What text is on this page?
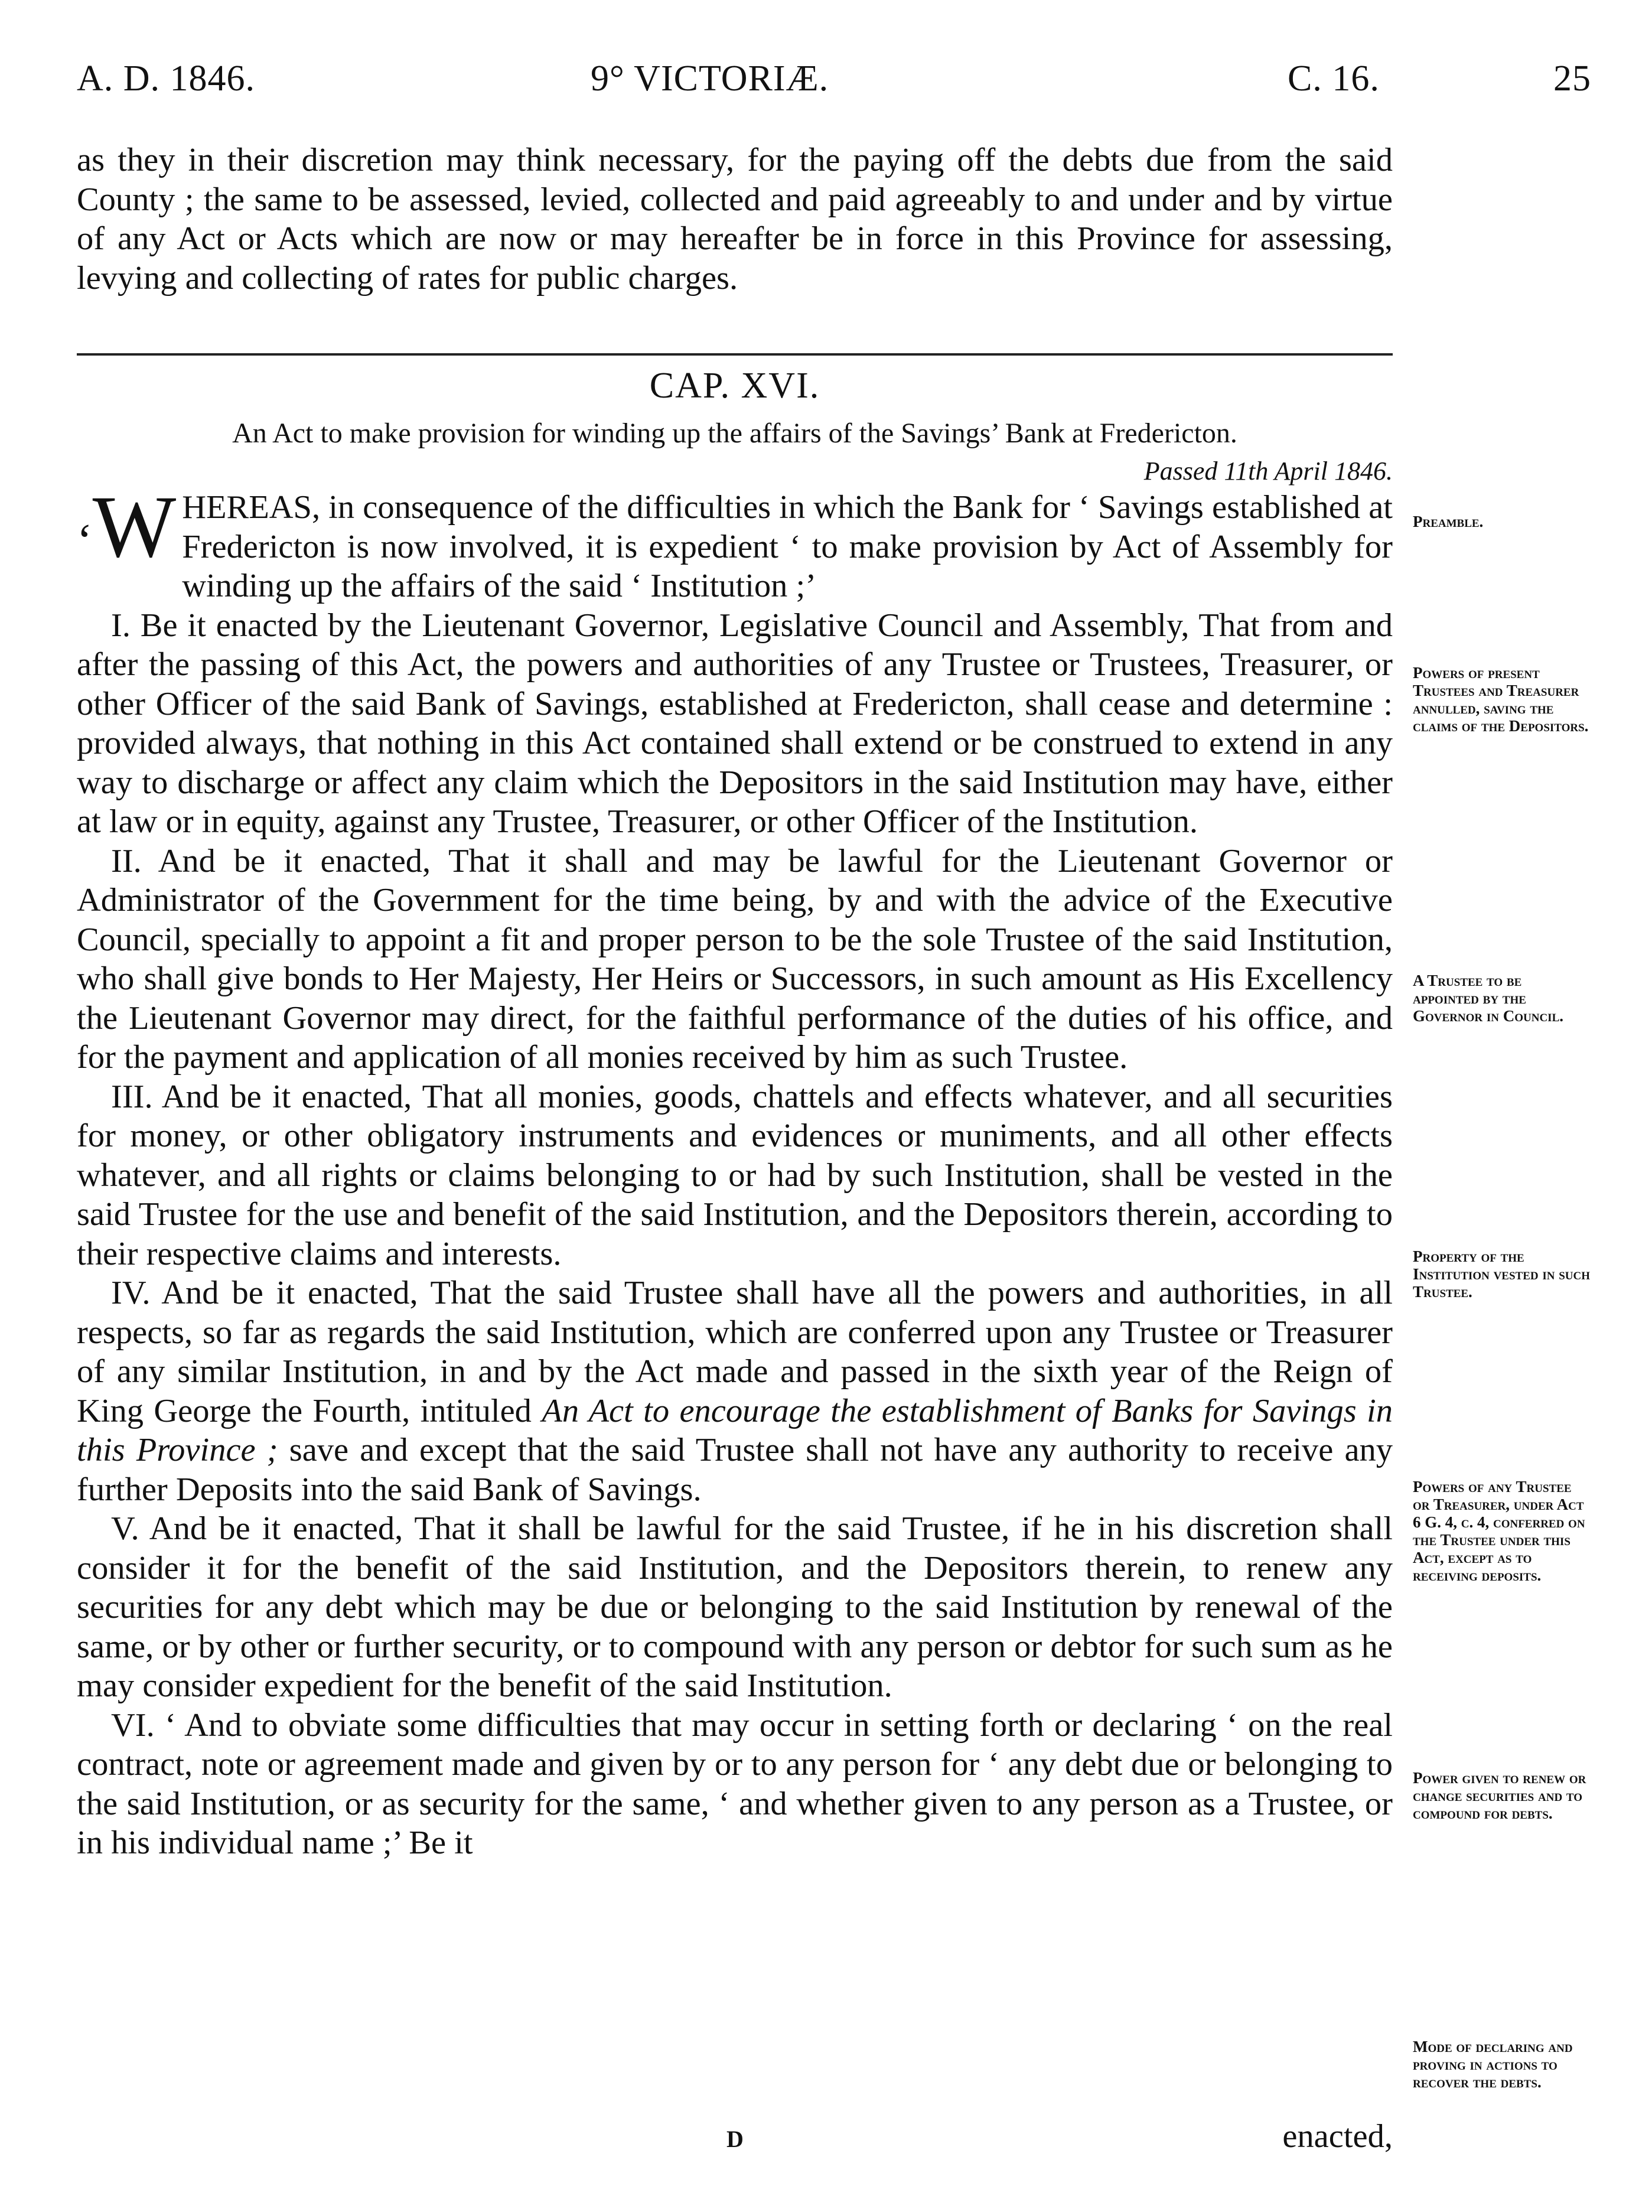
A. D. 1846.	9° VICTORIÆ.	C. 16.	25

as they in their discretion may think necessary, for the paying off the debts due from the said County ; the same to be assessed, levied, collected and paid agreeably to and under and by virtue of any Act or Acts which are now or may hereafter be in force in this Province for assessing, levying and collecting of rates for public charges.

CAP. XVI.
An Act to make provision for winding up the affairs of the Savings’ Bank at Fredericton.
Passed 11th April 1846.

‘W HEREAS, in consequence of the difficulties in which the Bank for ‘ Savings established at Fredericton is now involved, it is expedient ‘ to make provision by Act of Assembly for winding up the affairs of the said ‘ Institution ;’

I. Be it enacted by the Lieutenant Governor, Legislative Council and Assembly, That from and after the passing of this Act, the powers and authorities of any Trustee or Trustees, Treasurer, or other Officer of the said Bank of Savings, established at Fredericton, shall cease and determine : provided always, that nothing in this Act contained shall extend or be construed to extend in any way to discharge or affect any claim which the Depositors in the said Institution may have, either at law or in equity, against any Trustee, Treasurer, or other Officer of the Institution.

II. And be it enacted, That it shall and may be lawful for the Lieutenant Governor or Administrator of the Government for the time being, by and with the advice of the Executive Council, specially to appoint a fit and proper person to be the sole Trustee of the said Institution, who shall give bonds to Her Majesty, Her Heirs or Successors, in such amount as His Excellency the Lieutenant Governor may direct, for the faithful performance of the duties of his office, and for the payment and application of all monies received by him as such Trustee.

III. And be it enacted, That all monies, goods, chattels and effects whatever, and all securities for money, or other obligatory instruments and evidences or muniments, and all other effects whatever, and all rights or claims belonging to or had by such Institution, shall be vested in the said Trustee for the use and benefit of the said Institution, and the Depositors therein, according to their respective claims and interests.

IV. And be it enacted, That the said Trustee shall have all the powers and authorities, in all respects, so far as regards the said Institution, which are conferred upon any Trustee or Treasurer of any similar Institution, in and by the Act made and passed in the sixth year of the Reign of King George the Fourth, intituled An Act to encourage the establishment of Banks for Savings in this Province ; save and except that the said Trustee shall not have any authority to receive any further Deposits into the said Bank of Savings.

V. And be it enacted, That it shall be lawful for the said Trustee, if he in his discretion shall consider it for the benefit of the said Institution, and the Depositors therein, to renew any securities for any debt which may be due or belonging to the said Institution by renewal of the same, or by other or further security, or to compound with any person or debtor for such sum as he may consider expedient for the benefit of the said Institution.

VI. ‘ And to obviate some difficulties that may occur in setting forth or declaring ‘ on the real contract, note or agreement made and given by or to any person for ‘ any debt due or belonging to the said Institution, or as security for the same, ‘ and whether given to any person as a Trustee, or in his individual name ;’ Be it

Preamble.
Powers of present Trustees and Treasurer annulled, saving the claims of the Depositors.
A Trustee to be appointed by the Governor in Council.
Property of the Institution vested in such Trustee.
Powers of any Trustee or Treasurer, under Act 6 G. 4, c. 4, conferred on the Trustee under this Act, except as to receiving deposits.
Power given to renew or change securities and to compound for debts.
Mode of declaring and proving in actions to recover the debts.
D	enacted,
